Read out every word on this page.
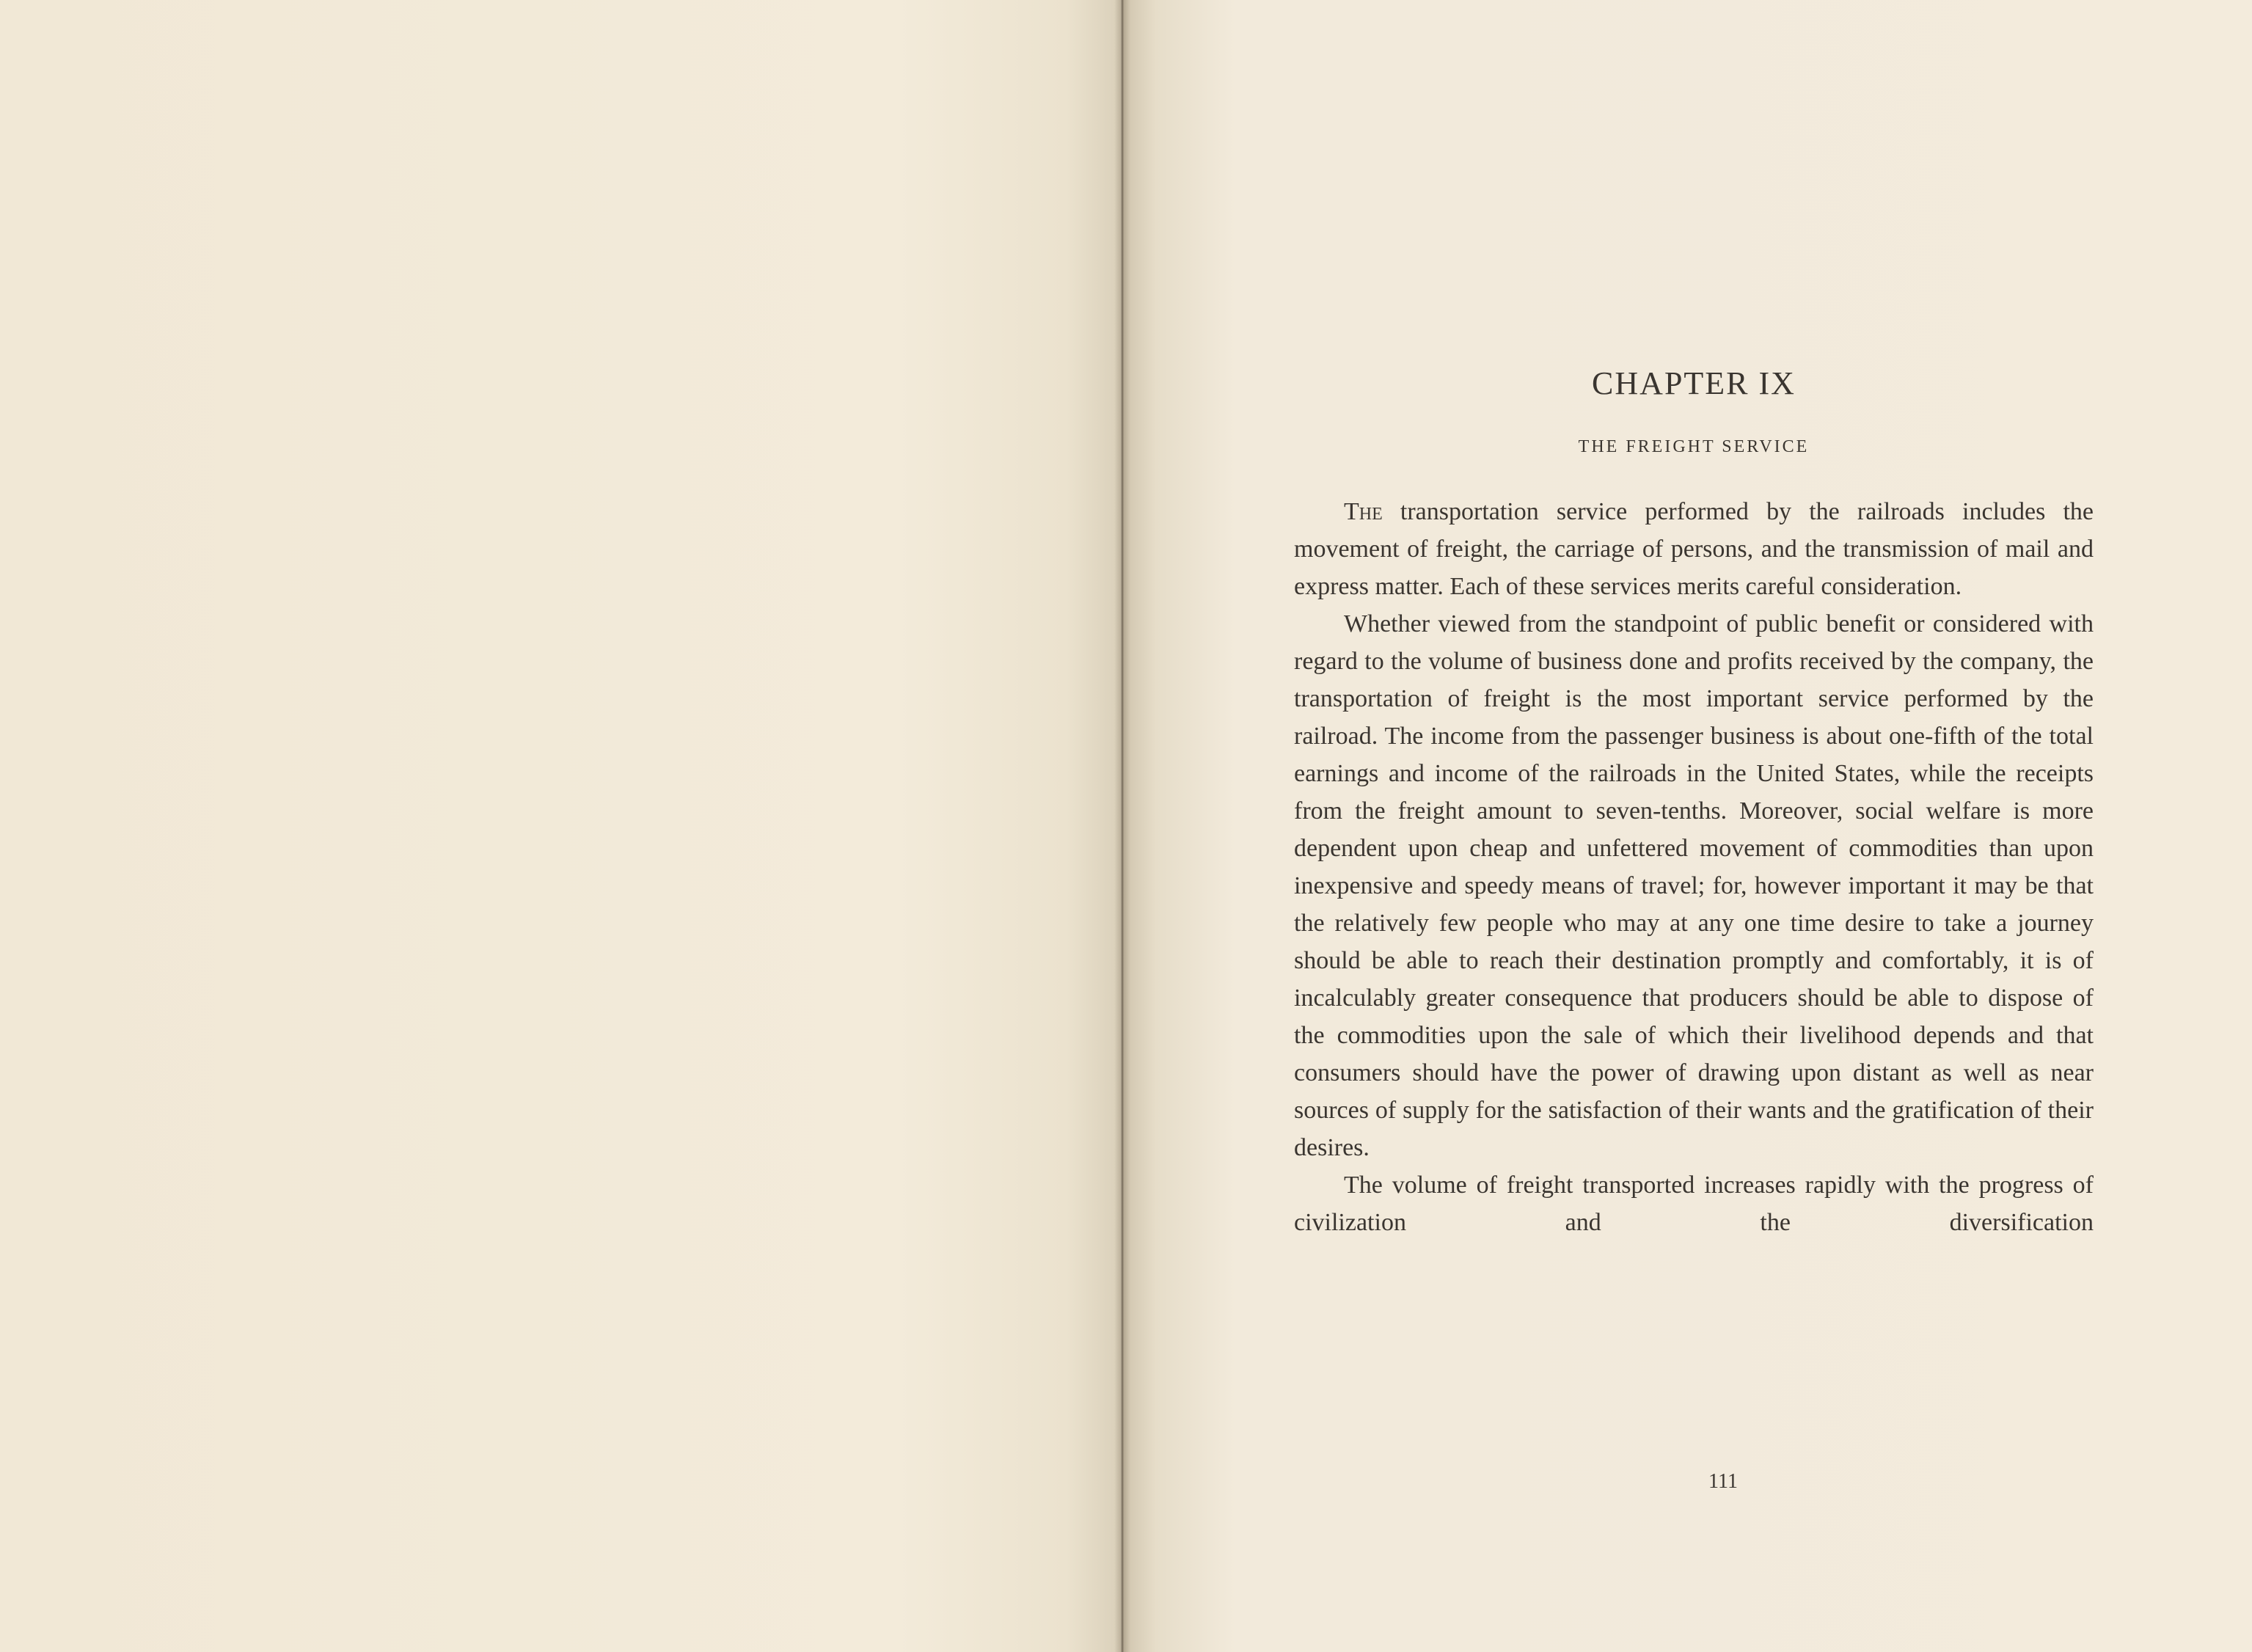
CHAPTER IX
THE FREIGHT SERVICE

The transportation service performed by the railroads includes the movement of freight, the carriage of persons, and the transmission of mail and express matter. Each of these services merits careful consideration.

Whether viewed from the standpoint of public benefit or considered with regard to the volume of business done and profits received by the company, the transportation of freight is the most important service performed by the railroad. The income from the passenger business is about one-fifth of the total earnings and income of the railroads in the United States, while the receipts from the freight amount to seven-tenths. Moreover, social welfare is more dependent upon cheap and unfettered movement of commodities than upon inexpensive and speedy means of travel; for, however important it may be that the relatively few people who may at any one time desire to take a journey should be able to reach their destination promptly and comfortably, it is of incalculably greater consequence that producers should be able to dispose of the commodities upon the sale of which their livelihood depends and that consumers should have the power of drawing upon distant as well as near sources of supply for the satisfaction of their wants and the gratification of their desires.

The volume of freight transported increases rapidly with the progress of civilization and the diversification

111
